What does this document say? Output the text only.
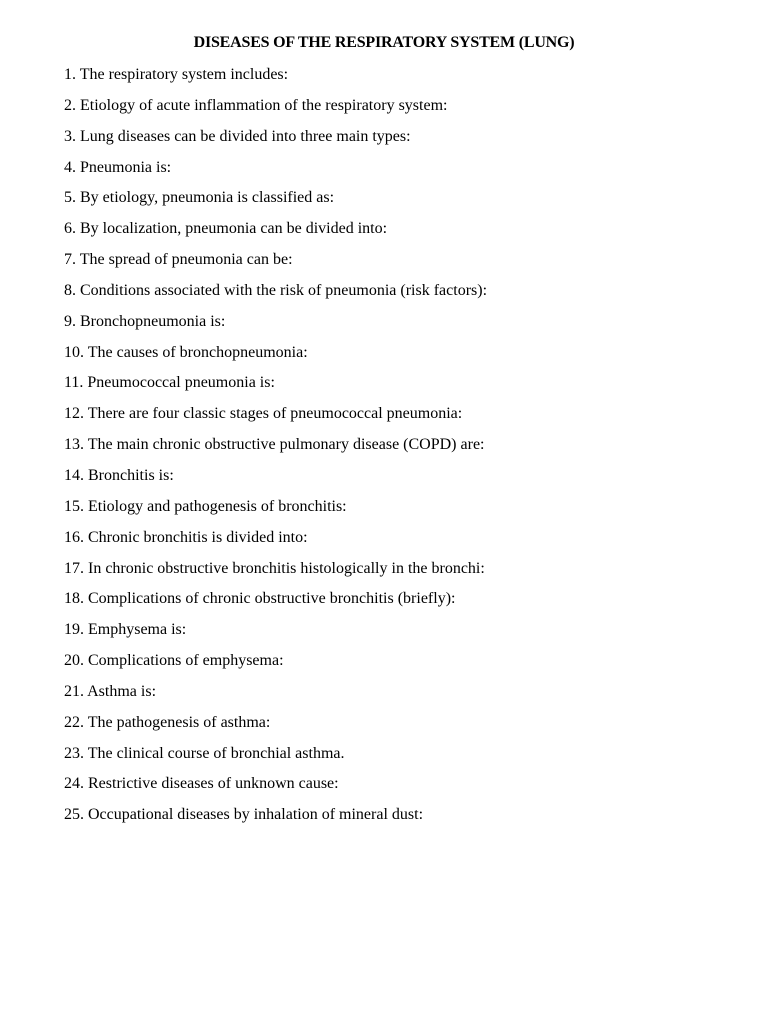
DISEASES OF THE RESPIRATORY SYSTEM (LUNG)
1. The respiratory system includes:
2. Etiology of acute inflammation of the respiratory system:
3. Lung diseases can be divided into three main types:
4. Pneumonia is:
5. By etiology, pneumonia is classified as:
6. By localization, pneumonia can be divided into:
7. The spread of pneumonia can be:
8. Conditions associated with the risk of pneumonia (risk factors):
9. Bronchopneumonia is:
10. The causes of bronchopneumonia:
11. Pneumococcal pneumonia is:
12. There are four classic stages of pneumococcal pneumonia:
13. The main chronic obstructive pulmonary disease (COPD) are:
14. Bronchitis is:
15. Etiology and pathogenesis of bronchitis:
16. Chronic bronchitis is divided into:
17. In chronic obstructive bronchitis histologically in the bronchi:
18. Complications of chronic obstructive bronchitis (briefly):
19. Emphysema is:
20. Complications of emphysema:
21. Asthma is:
22. The pathogenesis of asthma:
23. The clinical course of bronchial asthma.
24. Restrictive diseases of unknown cause:
25. Occupational diseases by inhalation of mineral dust:
